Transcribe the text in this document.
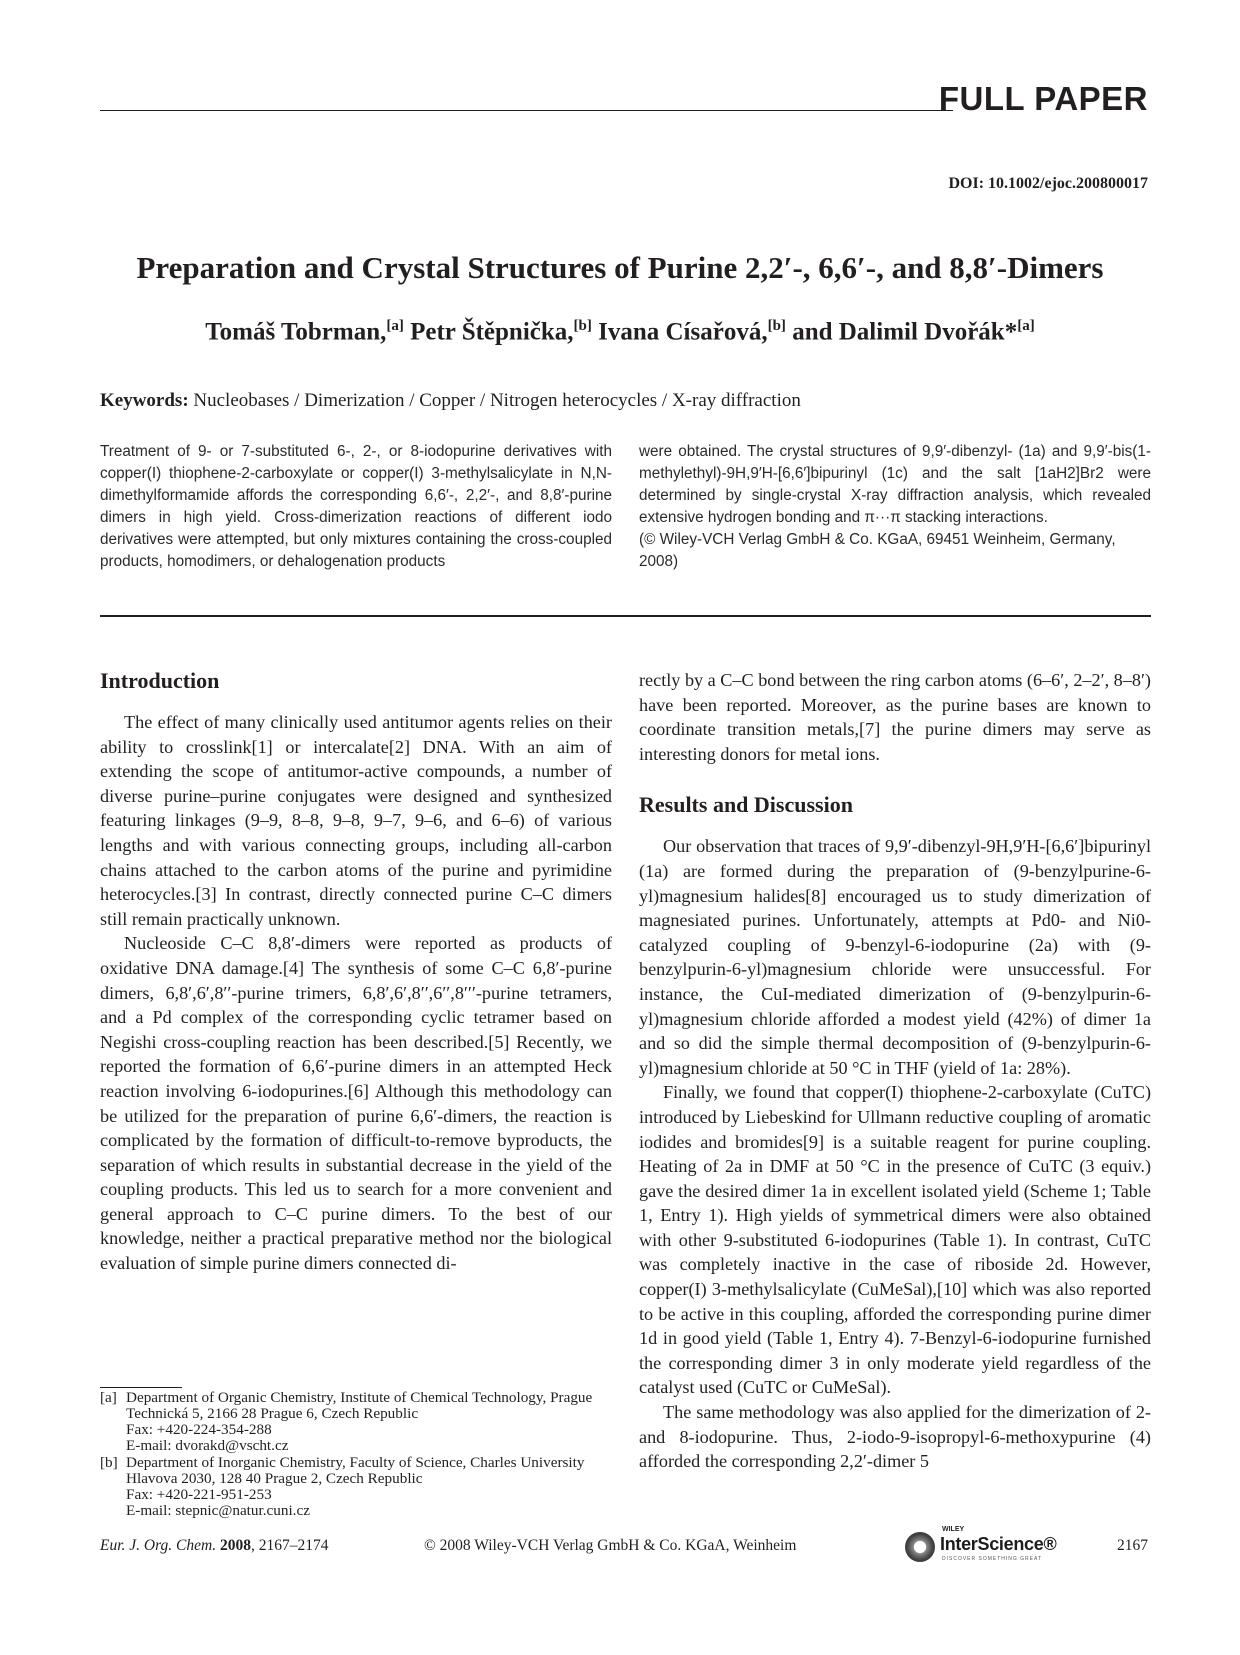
FULL PAPER
DOI: 10.1002/ejoc.200800017
Preparation and Crystal Structures of Purine 2,2′-, 6,6′-, and 8,8′-Dimers
Tomáš Tobrman,[a] Petr Štěpnička,[b] Ivana Císařová,[b] and Dalimil Dvořák*[a]
Keywords: Nucleobases / Dimerization / Copper / Nitrogen heterocycles / X-ray diffraction

Treatment of 9- or 7-substituted 6-, 2-, or 8-iodopurine derivatives with copper(I) thiophene-2-carboxylate or copper(I) 3-methylsalicylate in N,N-dimethylformamide affords the corresponding 6,6′-, 2,2′-, and 8,8′-purine dimers in high yield. Cross-dimerization reactions of different iodo derivatives were attempted, but only mixtures containing the cross-coupled products, homodimers, or dehalogenation products

were obtained. The crystal structures of 9,9′-dibenzyl- (1a) and 9,9′-bis(1-methylethyl)-9H,9′H-[6,6′]bipurinyl (1c) and the salt [1aH2]Br2 were determined by single-crystal X-ray diffraction analysis, which revealed extensive hydrogen bonding and π···π stacking interactions.

(© Wiley-VCH Verlag GmbH & Co. KGaA, 69451 Weinheim, Germany, 2008)

Introduction

The effect of many clinically used antitumor agents relies on their ability to crosslink[1] or intercalate[2] DNA. With an aim of extending the scope of antitumor-active compounds, a number of diverse purine–purine conjugates were designed and synthesized featuring linkages (9–9, 8–8, 9–8, 9–7, 9–6, and 6–6) of various lengths and with various connecting groups, including all-carbon chains attached to the carbon atoms of the purine and pyrimidine heterocycles.[3] In contrast, directly connected purine C–C dimers still remain practically unknown.

Nucleoside C–C 8,8′-dimers were reported as products of oxidative DNA damage.[4] The synthesis of some C–C 6,8′-purine dimers, 6,8′,6′,8′′-purine trimers, 6,8′,6′,8′′,6′′,8′′′-purine tetramers, and a Pd complex of the corresponding cyclic tetramer based on Negishi cross-coupling reaction has been described.[5] Recently, we reported the formation of 6,6′-purine dimers in an attempted Heck reaction involving 6-iodopurines.[6] Although this methodology can be utilized for the preparation of purine 6,6′-dimers, the reaction is complicated by the formation of difficult-to-remove byproducts, the separation of which results in substantial decrease in the yield of the coupling products. This led us to search for a more convenient and general approach to C–C purine dimers. To the best of our knowledge, neither a practical preparative method nor the biological evaluation of simple purine dimers connected di-

rectly by a C–C bond between the ring carbon atoms (6–6′, 2–2′, 8–8′) have been reported. Moreover, as the purine bases are known to coordinate transition metals,[7] the purine dimers may serve as interesting donors for metal ions.

Results and Discussion

Our observation that traces of 9,9′-dibenzyl-9H,9′H-[6,6′]bipurinyl (1a) are formed during the preparation of (9-benzylpurine-6-yl)magnesium halides[8] encouraged us to study dimerization of magnesiated purines. Unfortunately, attempts at Pd0- and Ni0-catalyzed coupling of 9-benzyl-6-iodopurine (2a) with (9-benzylpurin-6-yl)magnesium chloride were unsuccessful. For instance, the CuI-mediated dimerization of (9-benzylpurin-6-yl)magnesium chloride afforded a modest yield (42%) of dimer 1a and so did the simple thermal decomposition of (9-benzylpurin-6-yl)magnesium chloride at 50 °C in THF (yield of 1a: 28%).

Finally, we found that copper(I) thiophene-2-carboxylate (CuTC) introduced by Liebeskind for Ullmann reductive coupling of aromatic iodides and bromides[9] is a suitable reagent for purine coupling. Heating of 2a in DMF at 50 °C in the presence of CuTC (3 equiv.) gave the desired dimer 1a in excellent isolated yield (Scheme 1; Table 1, Entry 1). High yields of symmetrical dimers were also obtained with other 9-substituted 6-iodopurines (Table 1). In contrast, CuTC was completely inactive in the case of riboside 2d. However, copper(I) 3-methylsalicylate (CuMeSal),[10] which was also reported to be active in this coupling, afforded the corresponding purine dimer 1d in good yield (Table 1, Entry 4). 7-Benzyl-6-iodopurine furnished the corresponding dimer 3 in only moderate yield regardless of the catalyst used (CuTC or CuMeSal).

The same methodology was also applied for the dimerization of 2- and 8-iodopurine. Thus, 2-iodo-9-isopropyl-6-methoxypurine (4) afforded the corresponding 2,2′-dimer 5

[a] Department of Organic Chemistry, Institute of Chemical Technology, Prague
Technická 5, 2166 28 Prague 6, Czech Republic
Fax: +420-224-354-288
E-mail: dvorakd@vscht.cz
[b] Department of Inorganic Chemistry, Faculty of Science, Charles University
Hlavova 2030, 128 40 Prague 2, Czech Republic
Fax: +420-221-951-253
E-mail: stepnic@natur.cuni.cz
Eur. J. Org. Chem. 2008, 2167–2174	© 2008 Wiley-VCH Verlag GmbH & Co. KGaA, Weinheim
WILEY
InterScience®
DISCOVER SOMETHING GREAT
2167
